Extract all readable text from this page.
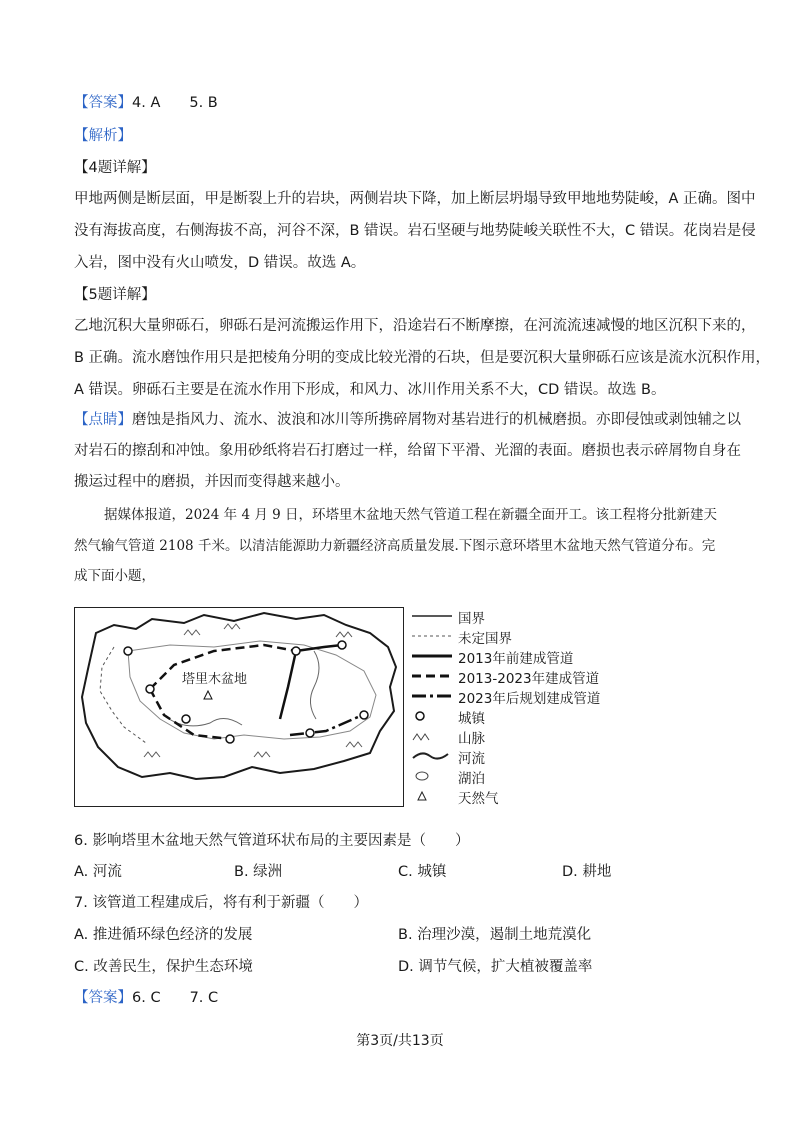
【答案】4. A　　5. B
【解析】
【4题详解】
甲地两侧是断层面，甲是断裂上升的岩块，两侧岩块下降，加上断层坍塌导致甲地地势陡峻，A 正确。图中
没有海拔高度，右侧海拔不高，河谷不深，B 错误。岩石坚硬与地势陡峻关联性不大，C 错误。花岗岩是侵
入岩，图中没有火山喷发，D 错误。故选 A。
【5题详解】
乙地沉积大量卵砾石，卵砾石是河流搬运作用下，沿途岩石不断摩擦，在河流流速减慢的地区沉积下来的，
B 正确。流水磨蚀作用只是把棱角分明的变成比较光滑的石块，但是要沉积大量卵砾石应该是流水沉积作用，
A 错误。卵砾石主要是在流水作用下形成，和风力、冰川作用关系不大，CD 错误。故选 B。
【点睛】磨蚀是指风力、流水、波浪和冰川等所携碎屑物对基岩进行的机械磨损。亦即侵蚀或剥蚀辅之以
对岩石的擦刮和冲蚀。象用砂纸将岩石打磨过一样，给留下平滑、光溜的表面。磨损也表示碎屑物自身在
搬运过程中的磨损，并因而变得越来越小。
据媒体报道，2024 年 4 月 9 日，环塔里木盆地天然气管道工程在新疆全面开工。该工程将分批新建天
然气输气管道 2108 千米。以清洁能源助力新疆经济高质量发展.下图示意环塔里木盆地天然气管道分布。完
成下面小题，
塔里木盆地
国界
未定国界
2013年前建成管道
2013-2023年建成管道
2023年后规划建成管道
城镇
山脉
河流
湖泊
天然气
6. 影响塔里木盆地天然气管道环状布局的主要因素是（　　）
A. 河流	B. 绿洲	C. 城镇	D. 耕地
7. 该管道工程建成后，将有利于新疆（　　）
A. 推进循环绿色经济的发展	B. 治理沙漠，遏制土地荒漠化
C. 改善民生，保护生态环境	D. 调节气候，扩大植被覆盖率
【答案】6. C　　7. C
第3页/共13页
